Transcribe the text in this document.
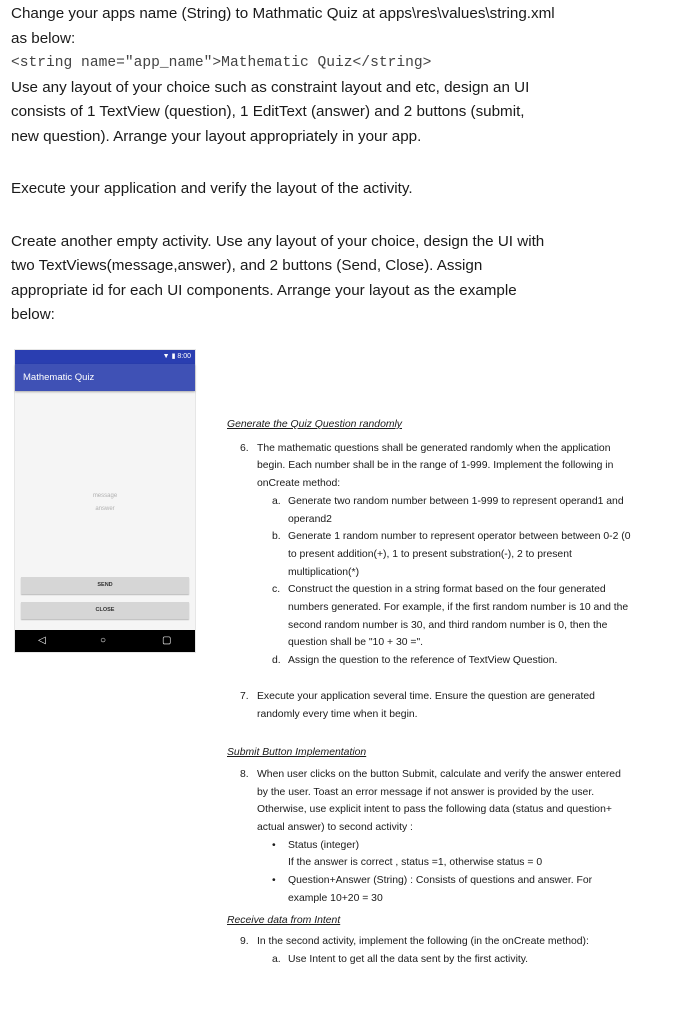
Change your apps name (String) to Mathmatic Quiz at apps\res\values\string.xml

as below:

<string name="app_name">Mathematic Quiz</string>

Use any layout of your choice such as constraint layout and etc, design an UI

consists of 1 TextView (question), 1 EditText (answer) and 2 buttons (submit,

new question). Arrange your layout appropriately in your app.

Execute your application and verify the layout of the activity.

Create another empty activity. Use any layout of your choice, design the UI with

two TextViews(message,answer), and 2 buttons (Send, Close). Assign

appropriate id for each UI components. Arrange your layout as the example

below:

▼ ▮ 8:00
Mathematic Quiz
message
answer
SEND
CLOSE
◁	○	▢

Generate the Quiz Question randomly

6. The mathematic questions shall be generated randomly when the application

begin. Each number shall be in the range of 1-999. Implement the following in

onCreate method:

a. Generate two random number between 1-999 to represent operand1 and

operand2

b. Generate 1 random number to represent operator between between 0-2 (0

to present addition(+), 1 to present substration(-), 2 to present

multiplication(*)

c. Construct the question in a string format based on the four generated

numbers generated. For example, if the first random number is 10 and the

second random number is 30, and third random number is 0, then the

question shall be "10 + 30 =".

d. Assign the question to the reference of TextView Question.

7. Execute your application several time. Ensure the question are generated

randomly every time when it begin.

Submit Button Implementation

8. When user clicks on the button Submit, calculate and verify the answer entered

by the user. Toast an error message if not answer is provided by the user.

Otherwise, use explicit intent to pass the following data (status and question+

actual answer) to second activity :

• Status (integer)

If the answer is correct , status =1, otherwise status = 0

• Question+Answer (String) : Consists of questions and answer. For

example 10+20 = 30

Receive data from Intent

9. In the second activity, implement the following (in the onCreate method):

a. Use Intent to get all the data sent by the first activity.
